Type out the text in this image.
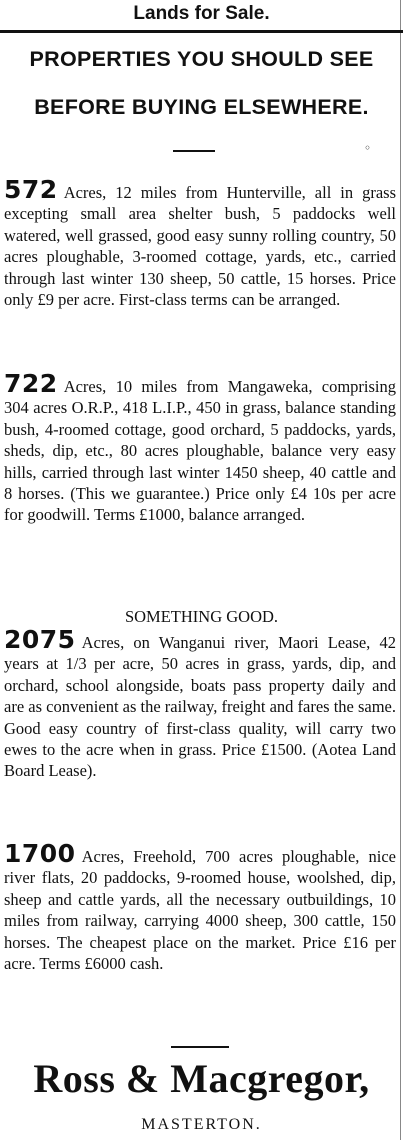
Lands for Sale.
PROPERTIES YOU SHOULD SEE
BEFORE BUYING ELSEWHERE.
◦
572 Acres, 12 miles from Hunterville, all in grass excepting small area shelter bush, 5 paddocks well watered, well grassed, good easy sunny rolling country, 50 acres ploughable, 3-roomed cottage, yards, etc., carried through last winter 130 sheep, 50 cattle, 15 horses. Price only £9 per acre. First-class terms can be arranged.
722 Acres, 10 miles from Mangaweka, comprising 304 acres O.R.P., 418 L.I.P., 450 in grass, balance standing bush, 4-roomed cottage, good orchard, 5 paddocks, yards, sheds, dip, etc., 80 acres ploughable, balance very easy hills, carried through last winter 1450 sheep, 40 cattle and 8 horses. (This we guarantee.) Price only £4 10s per acre for goodwill. Terms £1000, balance arranged.
SOMETHING GOOD.
2075 Acres, on Wanganui river, Maori Lease, 42 years at 1/3 per acre, 50 acres in grass, yards, dip, and orchard, school alongside, boats pass property daily and are as convenient as the railway, freight and fares the same. Good easy country of first-class quality, will carry two ewes to the acre when in grass. Price £1500. (Aotea Land Board Lease).
1700 Acres, Freehold, 700 acres ploughable, nice river flats, 20 paddocks, 9-roomed house, woolshed, dip, sheep and cattle yards, all the necessary outbuildings, 10 miles from railway, carrying 4000 sheep, 300 cattle, 150 horses. The cheapest place on the market. Price £16 per acre. Terms £6000 cash.
Ross & Macgregor,
MASTERTON.
